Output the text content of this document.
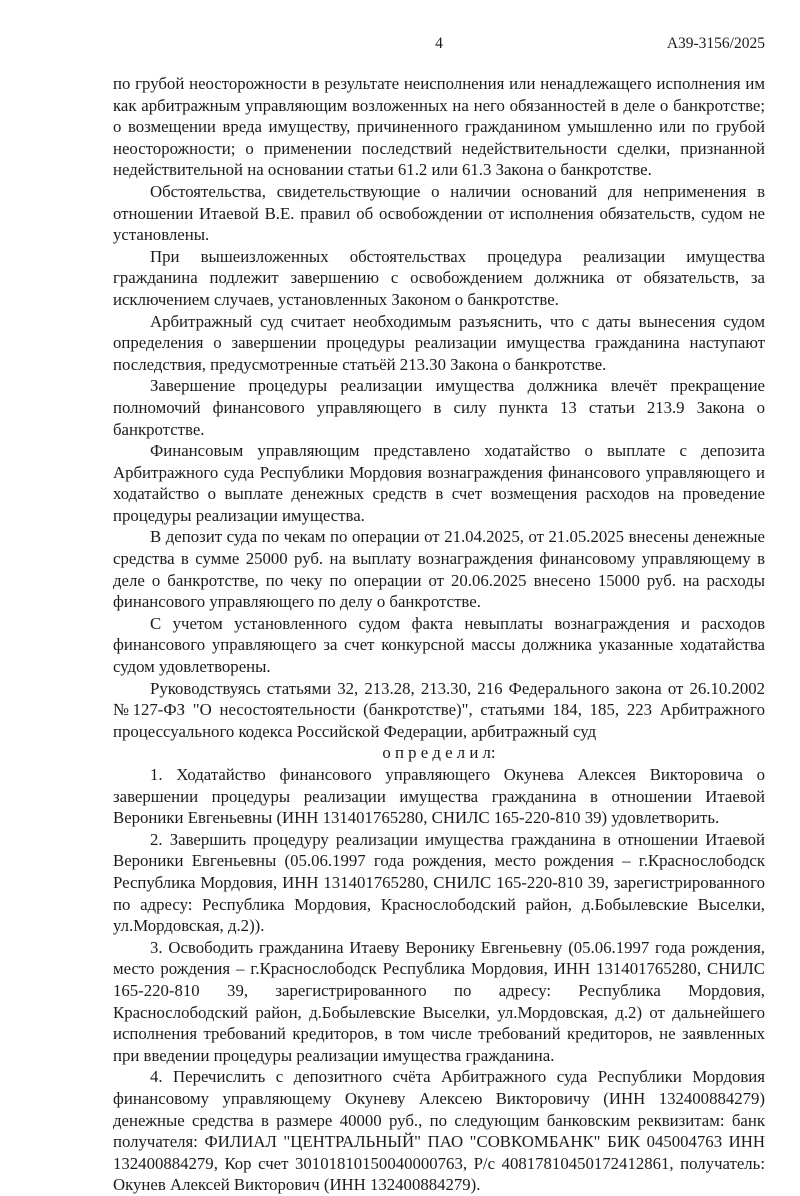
4	А39-3156/2025

по грубой неосторожности в результате неисполнения или ненадлежащего исполнения им как арбитражным управляющим возложенных на него обязанностей в деле о банкротстве; о возмещении вреда имуществу, причиненного гражданином умышленно или по грубой неосторожности; о применении последствий недействительности сделки, признанной недействительной на основании статьи 61.2 или 61.3 Закона о банкротстве.

Обстоятельства, свидетельствующие о наличии оснований для неприменения в отношении Итаевой В.Е. правил об освобождении от исполнения обязательств, судом не установлены.

При вышеизложенных обстоятельствах процедура реализации имущества гражданина подлежит завершению с освобождением должника от обязательств, за исключением случаев, установленных Законом о банкротстве.

Арбитражный суд считает необходимым разъяснить, что с даты вынесения судом определения о завершении процедуры реализации имущества гражданина наступают последствия, предусмотренные статьёй 213.30 Закона о банкротстве.

Завершение процедуры реализации имущества должника влечёт прекращение полномочий финансового управляющего в силу пункта 13 статьи 213.9 Закона о банкротстве.

Финансовым управляющим представлено ходатайство о выплате с депозита Арбитражного суда Республики Мордовия вознаграждения финансового управляющего и ходатайство о выплате денежных средств в счет возмещения расходов на проведение процедуры реализации имущества.

В депозит суда по чекам по операции от 21.04.2025, от 21.05.2025 внесены денежные средства в сумме 25000 руб. на выплату вознаграждения финансовому управляющему в деле о банкротстве, по чеку по операции от 20.06.2025 внесено 15000 руб. на расходы финансового управляющего по делу о банкротстве.

С учетом установленного судом факта невыплаты вознаграждения и расходов финансового управляющего за счет конкурсной массы должника указанные ходатайства судом удовлетворены.

Руководствуясь статьями 32, 213.28, 213.30, 216 Федерального закона от 26.10.2002 №127-ФЗ "О несостоятельности (банкротстве)", статьями 184, 185, 223 Арбитражного процессуального кодекса Российской Федерации, арбитражный суд

о п р е д е л и л:

1. Ходатайство финансового управляющего Окунева Алексея Викторовича о завершении процедуры реализации имущества гражданина в отношении Итаевой Вероники Евгеньевны (ИНН 131401765280, СНИЛС 165-220-810 39) удовлетворить.

2. Завершить процедуру реализации имущества гражданина в отношении Итаевой Вероники Евгеньевны (05.06.1997 года рождения, место рождения – г.Краснослободск Республика Мордовия, ИНН 131401765280, СНИЛС 165-220-810 39, зарегистрированного по адресу: Республика Мордовия, Краснослободский район, д.Бобылевские Выселки, ул.Мордовская, д.2)).

3. Освободить гражданина Итаеву Веронику Евгеньевну (05.06.1997 года рождения, место рождения – г.Краснослободск Республика Мордовия, ИНН 131401765280, СНИЛС 165-220-810 39, зарегистрированного по адресу: Республика Мордовия, Краснослободский район, д.Бобылевские Выселки, ул.Мордовская, д.2) от дальнейшего исполнения требований кредиторов, в том числе требований кредиторов, не заявленных при введении процедуры реализации имущества гражданина.

4. Перечислить с депозитного счёта Арбитражного суда Республики Мордовия финансовому управляющему Окуневу Алексею Викторовичу (ИНН 132400884279) денежные средства в размере 40000 руб., по следующим банковским реквизитам: банк получателя: ФИЛИАЛ "ЦЕНТРАЛЬНЫЙ" ПАО "СОВКОМБАНК" БИК 045004763 ИНН 132400884279, Кор счет 30101810150040000763, Р/с 40817810450172412861, получатель: Окунев Алексей Викторович (ИНН 132400884279).
